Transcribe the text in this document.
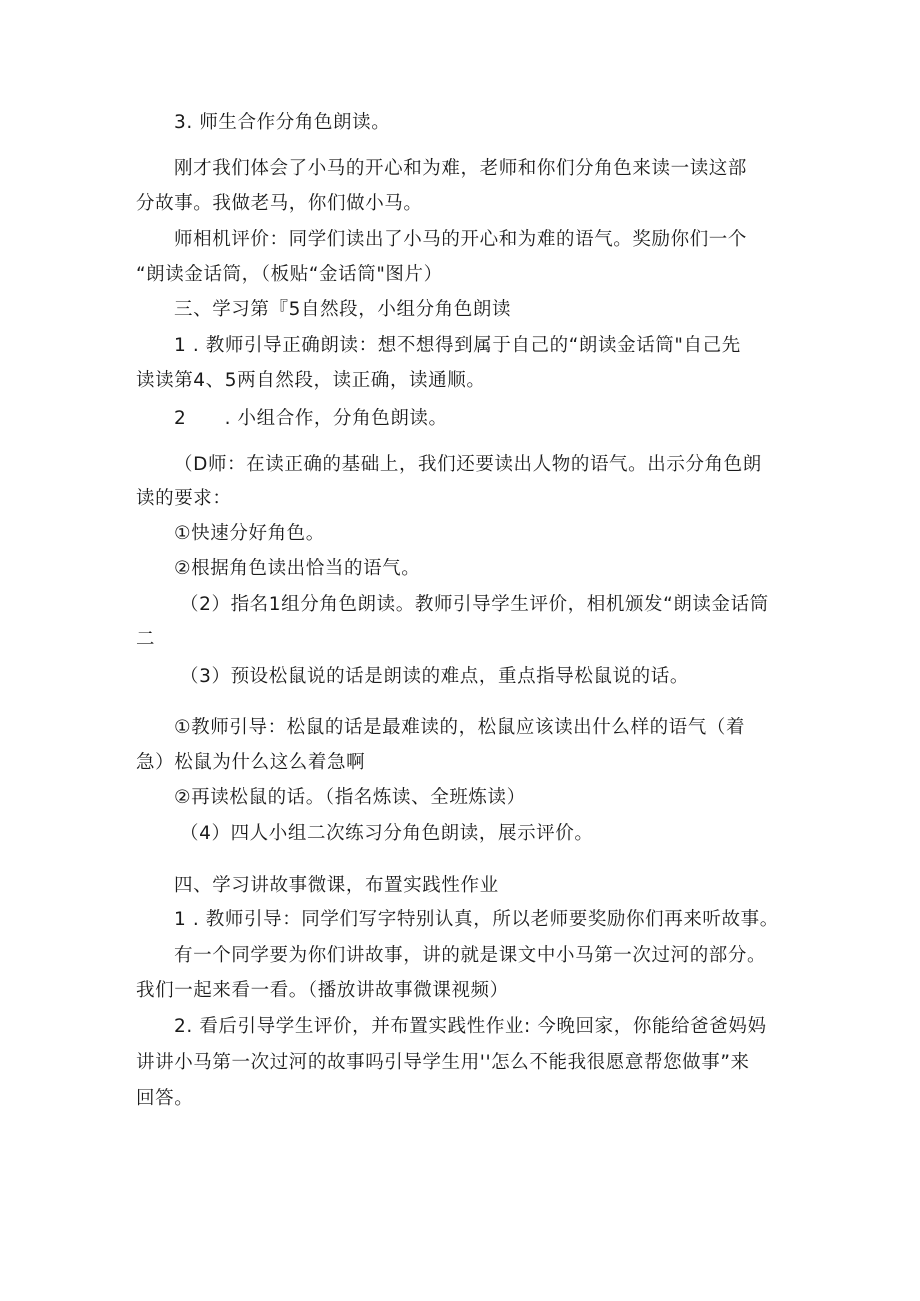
3. 师生合作分角色朗读。
刚才我们体会了小马的开心和为难，老师和你们分角色来读一读这部
分故事。我做老马，你们做小马。
师相机评价：同学们读出了小马的开心和为难的语气。奖励你们一个
“朗读金话筒，（板贴“金话筒"图片）
三、学习第『5自然段，小组分角色朗读
1 . 教师引导正确朗读：想不想得到属于自己的“朗读金话筒"自己先
读读第4、5两自然段，读正确，读通顺。
2　　. 小组合作，分角色朗读。
（D师：在读正确的基础上，我们还要读出人物的语气。出示分角色朗
读的要求：
①快速分好角色。
②根据角色读出恰当的语气。
（2）指名1组分角色朗读。教师引导学生评价，相机颁发“朗读金话筒
二
（3）预设松鼠说的话是朗读的难点，重点指导松鼠说的话。
①教师引导：松鼠的话是最难读的，松鼠应该读出什么样的语气（着
急）松鼠为什么这么着急啊
②再读松鼠的话。（指名炼读、全班炼读）
（4）四人小组二次练习分角色朗读，展示评价。
四、学习讲故事微课，布置实践性作业
1 . 教师引导：同学们写字特别认真，所以老师要奖励你们再来听故事。
有一个同学要为你们讲故事，讲的就是课文中小马第一次过河的部分。
我们一起来看一看。（播放讲故事微课视频）
2. 看后引导学生评价，并布置实践性作业: 今晚回家，你能给爸爸妈妈
讲讲小马第一次过河的故事吗引导学生用''怎么不能我很愿意帮您做事”来
回答。
